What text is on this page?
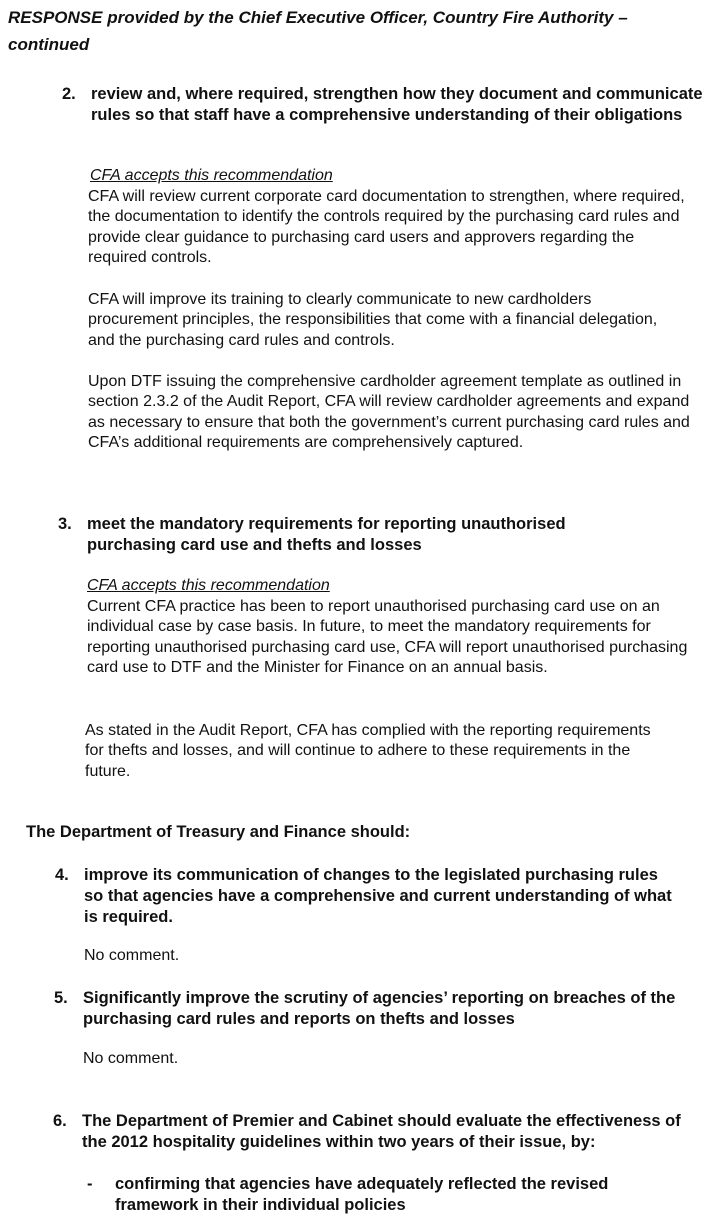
RESPONSE provided by the Chief Executive Officer, Country Fire Authority –
continued
2. review and, where required, strengthen how they document and communicate rules so that staff have a comprehensive understanding of their obligations
CFA accepts this recommendation
CFA will review current corporate card documentation to strengthen, where required, the documentation to identify the controls required by the purchasing card rules and provide clear guidance to purchasing card users and approvers regarding the required controls.
CFA will improve its training to clearly communicate to new cardholders procurement principles, the responsibilities that come with a financial delegation, and the purchasing card rules and controls.
Upon DTF issuing the comprehensive cardholder agreement template as outlined in section 2.3.2 of the Audit Report, CFA will review cardholder agreements and expand as necessary to ensure that both the government’s current purchasing card rules and CFA’s additional requirements are comprehensively captured.
3. meet the mandatory requirements for reporting unauthorised purchasing card use and thefts and losses
CFA accepts this recommendation
Current CFA practice has been to report unauthorised purchasing card use on an individual case by case basis. In future, to meet the mandatory requirements for reporting unauthorised purchasing card use, CFA will report unauthorised purchasing card use to DTF and the Minister for Finance on an annual basis.
As stated in the Audit Report, CFA has complied with the reporting requirements for thefts and losses, and will continue to adhere to these requirements in the future.
The Department of Treasury and Finance should:
4. improve its communication of changes to the legislated purchasing rules so that agencies have a comprehensive and current understanding of what is required.
No comment.
5. Significantly improve the scrutiny of agencies’ reporting on breaches of the purchasing card rules and reports on thefts and losses
No comment.
6. The Department of Premier and Cabinet should evaluate the effectiveness of the 2012 hospitality guidelines within two years of their issue, by:
- confirming that agencies have adequately reflected the revised framework in their individual policies
